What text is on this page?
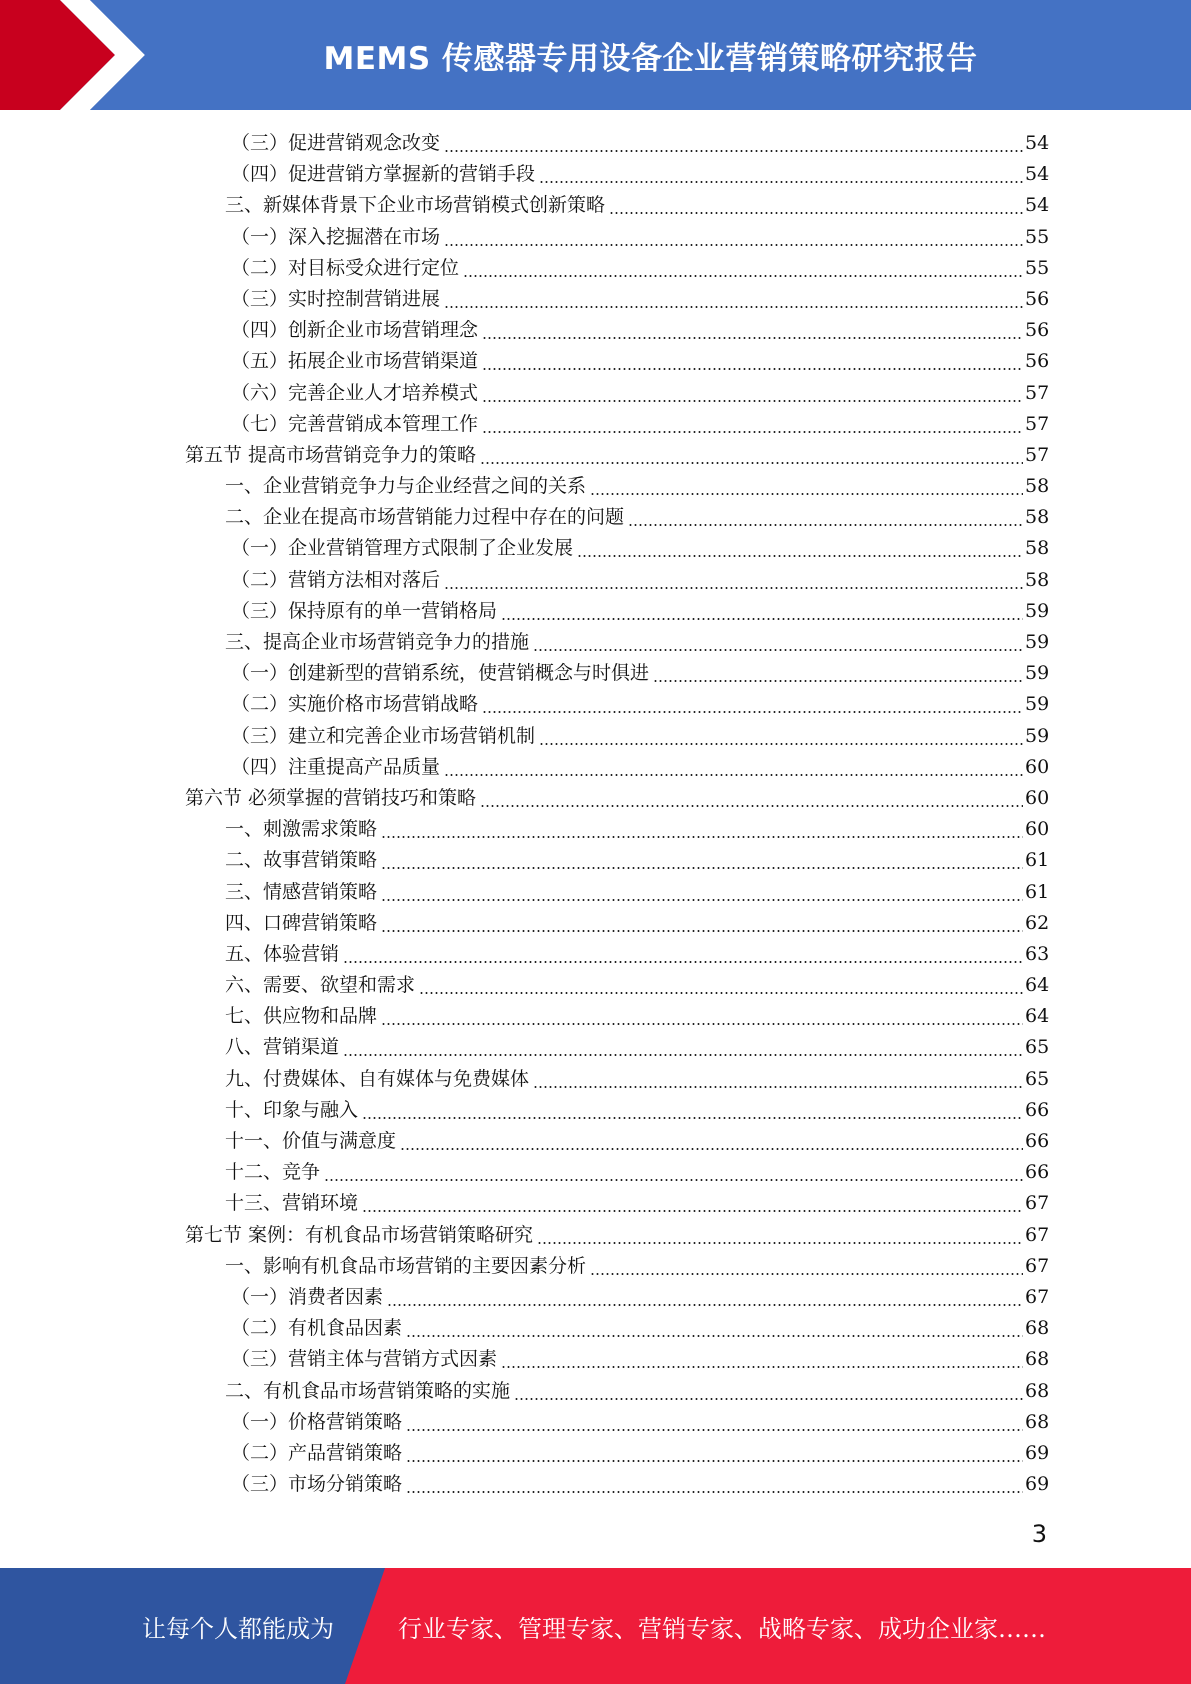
MEMS 传感器专用设备企业营销策略研究报告
（三）促进营销观念改变	54
（四）促进营销方掌握新的营销手段	54
三、新媒体背景下企业市场营销模式创新策略	54
（一）深入挖掘潜在市场	55
（二）对目标受众进行定位	55
（三）实时控制营销进展	56
（四）创新企业市场营销理念	56
（五）拓展企业市场营销渠道	56
（六）完善企业人才培养模式	57
（七）完善营销成本管理工作	57
第五节 提高市场营销竞争力的策略	57
一、企业营销竞争力与企业经营之间的关系	58
二、企业在提高市场营销能力过程中存在的问题	58
（一）企业营销管理方式限制了企业发展	58
（二）营销方法相对落后	58
（三）保持原有的单一营销格局	59
三、提高企业市场营销竞争力的措施	59
（一）创建新型的营销系统，使营销概念与时俱进	59
（二）实施价格市场营销战略	59
（三）建立和完善企业市场营销机制	59
（四）注重提高产品质量	60
第六节 必须掌握的营销技巧和策略	60
一、刺激需求策略	60
二、故事营销策略	61
三、情感营销策略	61
四、口碑营销策略	62
五、体验营销	63
六、需要、欲望和需求	64
七、供应物和品牌	64
八、营销渠道	65
九、付费媒体、自有媒体与免费媒体	65
十、印象与融入	66
十一、价值与满意度	66
十二、竞争	66
十三、营销环境	67
第七节 案例：有机食品市场营销策略研究	67
一、影响有机食品市场营销的主要因素分析	67
（一）消费者因素	67
（二）有机食品因素	68
（三）营销主体与营销方式因素	68
二、有机食品市场营销策略的实施	68
（一）价格营销策略	68
（二）产品营销策略	69
（三）市场分销策略	69
3
让每个人都能成为	行业专家、管理专家、营销专家、战略专家、成功企业家……
